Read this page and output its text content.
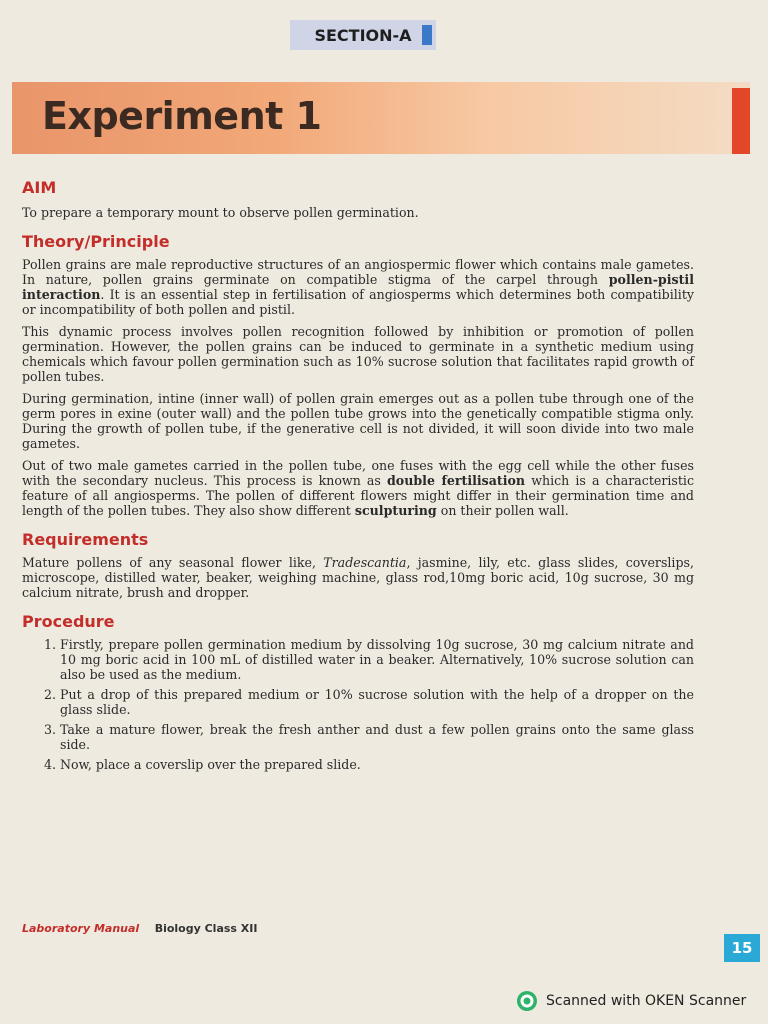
SECTION-A
Experiment 1
AIM

To prepare a temporary mount to observe pollen germination.

Theory/Principle

Pollen grains are male reproductive structures of an angiospermic flower which contains male gametes. In nature, pollen grains germinate on compatible stigma of the carpel through pollen-pistil interaction. It is an essential step in fertilisation of angiosperms which determines both compatibility or incompatibility of both pollen and pistil.

This dynamic process involves pollen recognition followed by inhibition or promotion of pollen germination. However, the pollen grains can be induced to germinate in a synthetic medium using chemicals which favour pollen germination such as 10% sucrose solution that facilitates rapid growth of pollen tubes.

During germination, intine (inner wall) of pollen grain emerges out as a pollen tube through one of the germ pores in exine (outer wall) and the pollen tube grows into the genetically compatible stigma only. During the growth of pollen tube, if the generative cell is not divided, it will soon divide into two male gametes.

Out of two male gametes carried in the pollen tube, one fuses with the egg cell while the other fuses with the secondary nucleus. This process is known as double fertilisation which is a characteristic feature of all angiosperms. The pollen of different flowers might differ in their germination time and length of the pollen tubes. They also show different sculpturing on their pollen wall.

Requirements

Mature pollens of any seasonal flower like, Tradescantia, jasmine, lily, etc. glass slides, coverslips, microscope, distilled water, beaker, weighing machine, glass rod,10mg boric acid, 10g sucrose, 30 mg calcium nitrate, brush and dropper.

Procedure
1. Firstly, prepare pollen germination medium by dissolving 10g sucrose, 30 mg calcium nitrate and 10 mg boric acid in 100 mL of distilled water in a beaker. Alternatively, 10% sucrose solution can also be used as the medium.
2. Put a drop of this prepared medium or 10% sucrose solution with the help of a dropper on the glass slide.
3. Take a mature flower, break the fresh anther and dust a few pollen grains onto the same glass side.
4. Now, place a coverslip over the prepared slide.
Laboratory Manual Biology Class XII
15
Scanned with OKEN Scanner
